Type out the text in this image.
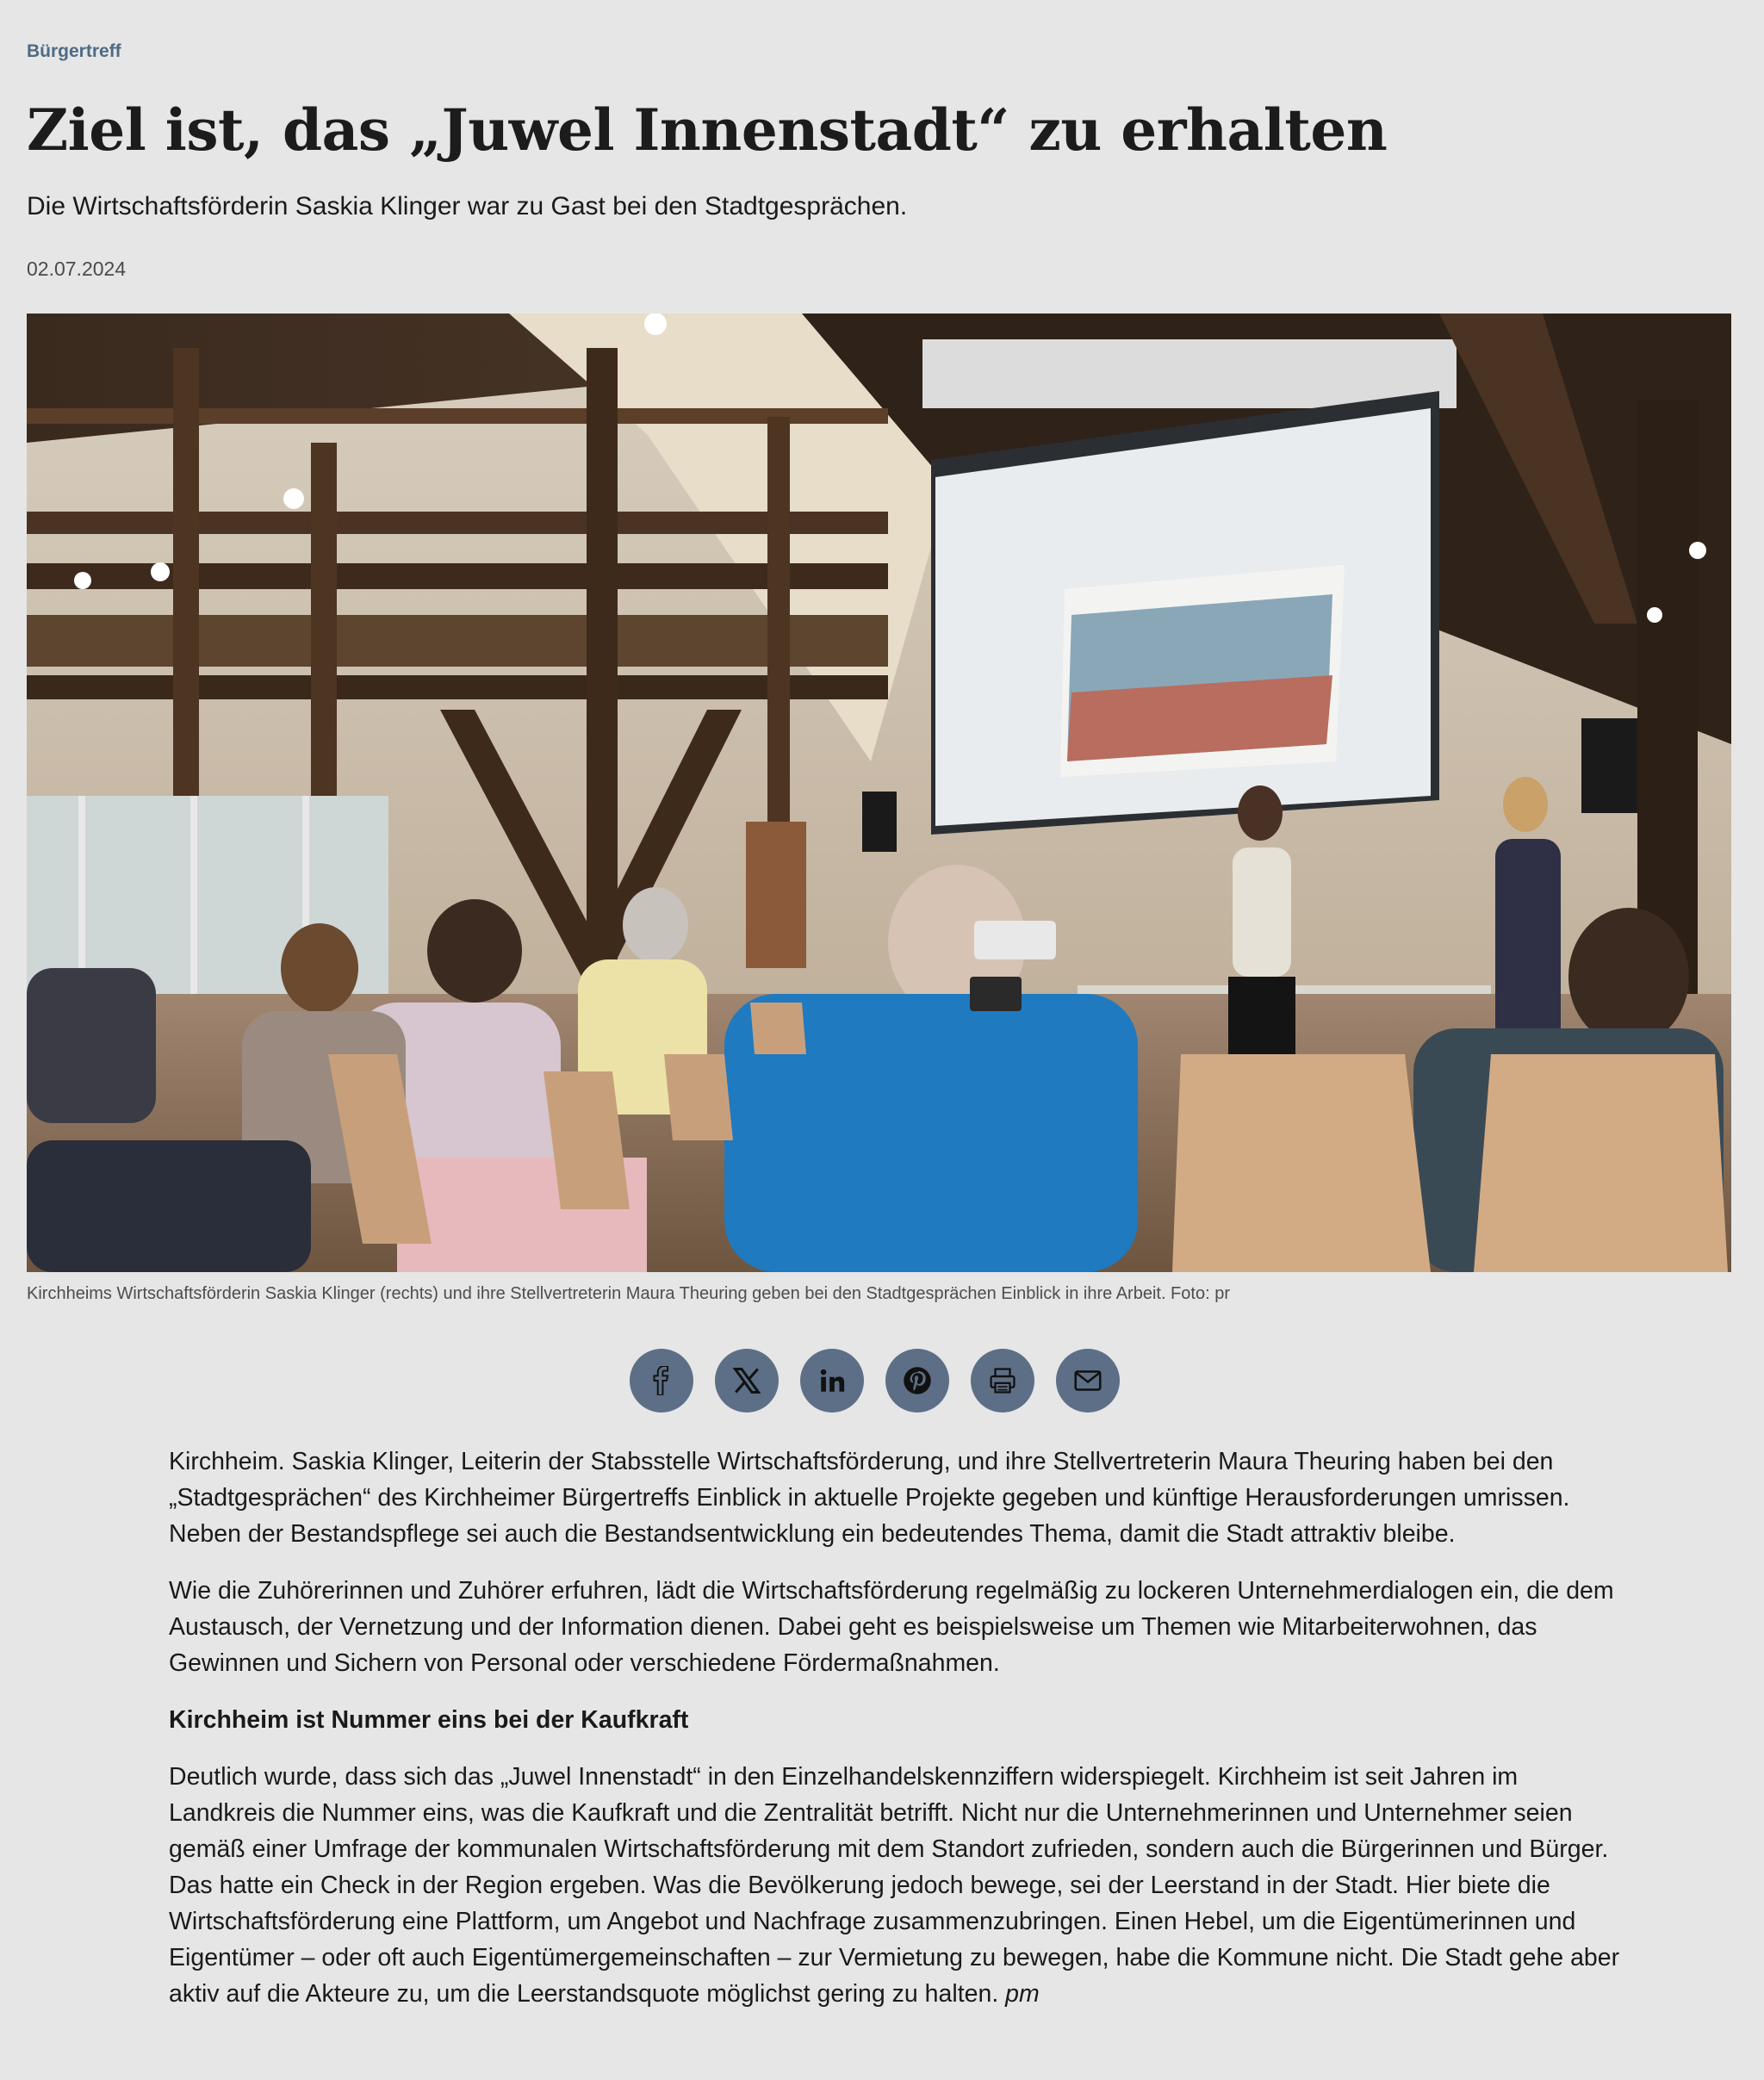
Bürgertreff
Ziel ist, das „Juwel Innenstadt“ zu erhalten
Die Wirtschaftsförderin Saskia Klinger war zu Gast bei den Stadtgesprächen.
02.07.2024
Kirchheims Wirtschaftsförderin Saskia Klinger (rechts) und ihre Stellvertreterin Maura Theuring geben bei den Stadtgesprächen Einblick in ihre Arbeit. Foto: pr

Kirchheim. Saskia Klinger, Leiterin der Stabsstelle Wirtschaftsförderung, und ihre Stellvertreterin Maura Theuring haben bei den „Stadtgesprächen“ des Kirchheimer Bürgertreffs Einblick in aktuelle Projekte gegeben und künftige Herausforderungen umrissen. Neben der Bestandspflege sei auch die Bestandsentwicklung ein bedeutendes Thema, damit die Stadt attraktiv bleibe.

Wie die Zuhörerinnen und Zuhörer erfuhren, lädt die Wirtschaftsförderung regelmäßig zu lockeren Unternehmerdialogen ein, die dem Austausch, der Vernetzung und der Information dienen. Dabei geht es beispielsweise um Themen wie Mitarbeiterwohnen, das Gewinnen und Sichern von Personal oder verschiedene Fördermaßnahmen.

Kirchheim ist Nummer eins bei der Kaufkraft

Deutlich wurde, dass sich das „Juwel Innenstadt“ in den Einzelhandelskennziffern widerspiegelt. Kirchheim ist seit Jahren im Landkreis die Nummer eins, was die Kaufkraft und die Zentralität betrifft. Nicht nur die Unternehmerinnen und Unternehmer seien gemäß einer Umfrage der kommunalen Wirtschaftsförderung mit dem Standort zufrieden, sondern auch die Bürgerinnen und Bürger. Das hatte ein Check in der Region ergeben. Was die Bevölkerung jedoch bewege, sei der Leerstand in der Stadt. Hier biete die Wirtschaftsförderung eine Plattform, um Angebot und Nachfrage zusammenzubringen. Einen Hebel, um die Eigentümerinnen und Eigentümer – oder oft auch Eigentümergemeinschaften – zur Vermietung zu bewegen, habe die Kommune nicht. Die Stadt gehe aber aktiv auf die Akteure zu, um die Leerstandsquote möglichst gering zu halten. pm
